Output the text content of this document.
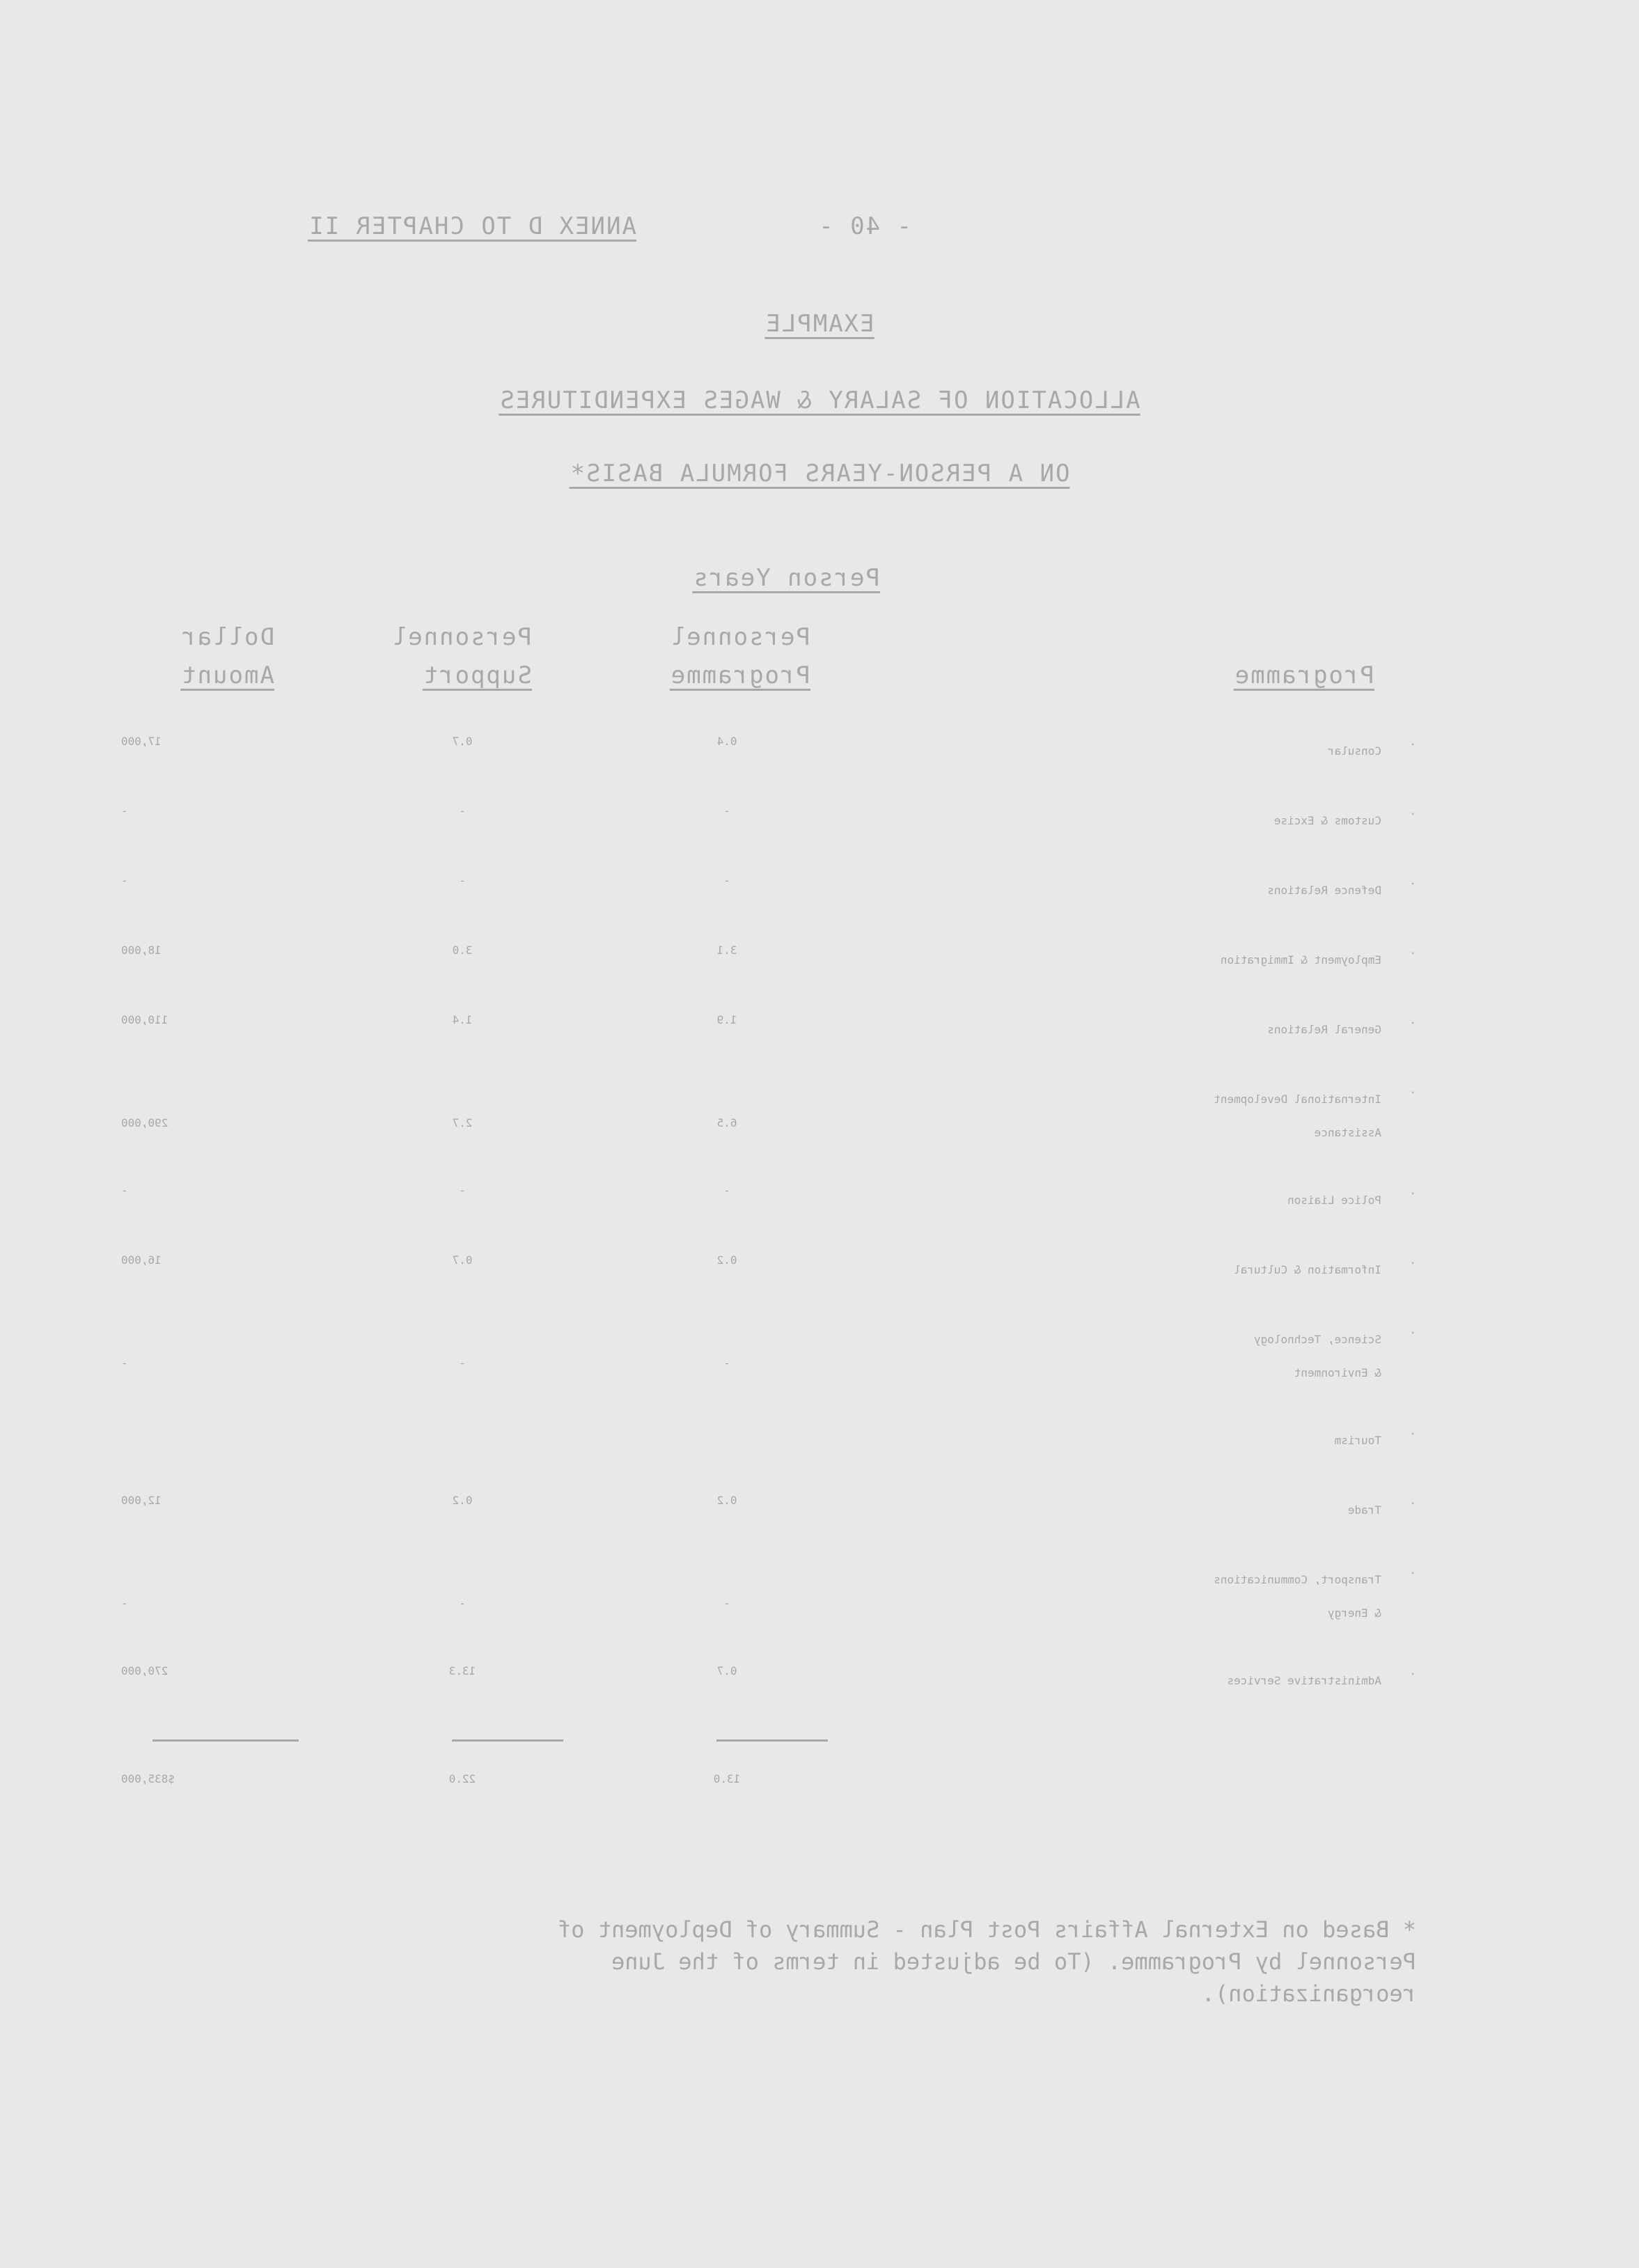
ANNEX D TO CHAPTER II	- 40 -
EXAMPLE
ALLOCATION OF SALARY & WAGES EXPENDITURES
ON A PERSON-YEARS FORMULA BASIS*
Person Years
Personnel
Programme
Personnel
Support
Dollar
Amount	Programme
.
Consular
0.4
0.7
17,000
.
Customs & Excise
-
-
-
.
Defence Relations
-
-
-
.
Employment & Immigration
3.1
3.0
18,000
.
General Relations
1.9
1.4
110,000
.
International Development
Assistance
6.5
2.7
290,000
.
Police Liaison
-
-
-
.
Information & Cultural
0.2
0.7
16,000
.
Science, Technology
& Environment
-
-
-
.
Tourism
.
Trade
0.2
0.2
12,000
.
Transport, Communications
& Energy
-
-
-
.
Administrative Services
0.7
13.3
270,000
13.0
22.0
$835,000
* Based on External Affairs Post Plan - Summary of Deployment of
Personnel by Programme. (To be adjusted in terms of the June
reorganization).
